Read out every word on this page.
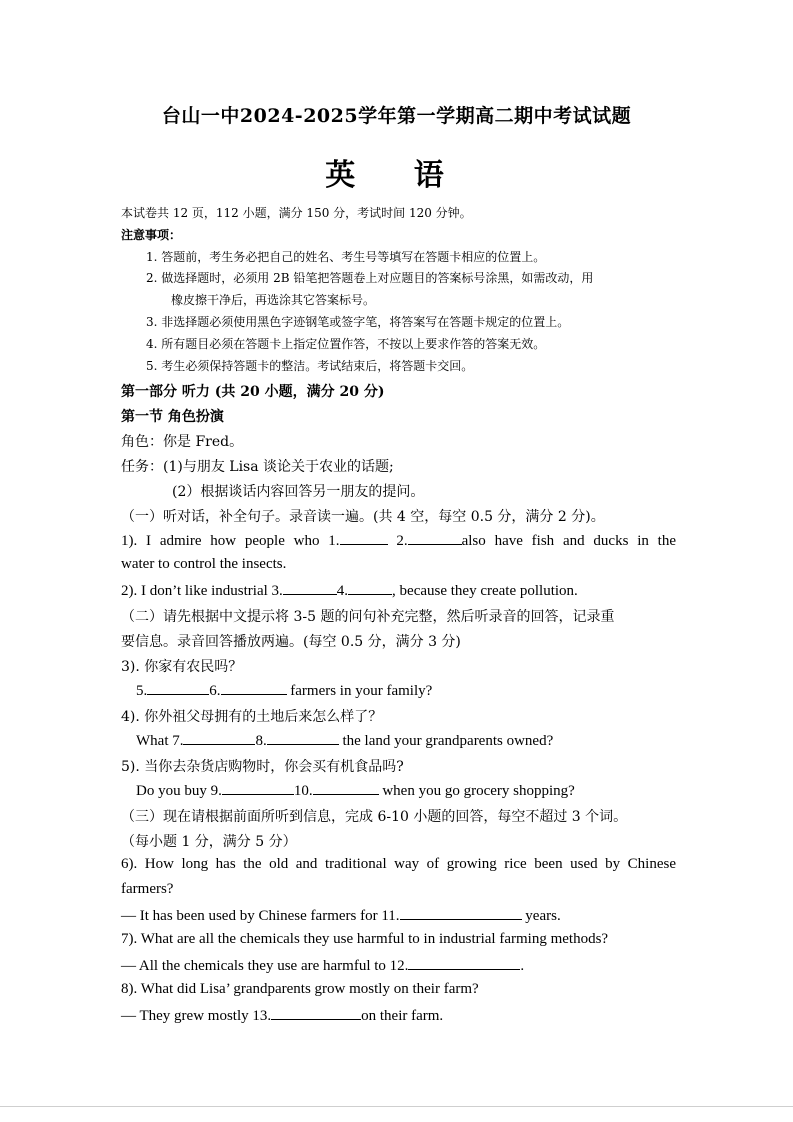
台山一中2024-2025学年第一学期高二期中考试试题
英 语
本试卷共 12 页，112 小题，满分 150 分，考试时间 120 分钟。
注意事项：
1. 答题前，考生务必把自己的姓名、考生号等填写在答题卡相应的位置上。
2. 做选择题时，必须用 2B 铅笔把答题卷上对应题目的答案标号涂黑，如需改动，用
橡皮擦干净后，再选涂其它答案标号。
3. 非选择题必须使用黑色字迹钢笔或签字笔，将答案写在答题卡规定的位置上。
4. 所有题目必须在答题卡上指定位置作答，不按以上要求作答的答案无效。
5. 考生必须保持答题卡的整洁。考试结束后，将答题卡交回。
第一部分 听力 (共 20 小题，满分 20 分)
第一节 角色扮演
角色：你是 Fred。
任务：(1)与朋友 Lisa 谈论关于农业的话题;
(2）根据谈话内容回答另一朋友的提问。
（一）听对话，补全句子。录音读一遍。(共 4 空，每空 0.5 分，满分 2 分)。
1). I admire how people who 1.	2.	also have fish and ducks in the
water to control the insects.
2). I don’t like industrial 3.	4.	, because they create pollution.
（二）请先根据中文提示将 3-5 题的问句补充完整，然后听录音的回答，记录重
要信息。录音回答播放两遍。(每空 0.5 分，满分 3 分)
3). 你家有农民吗？
5.	6.	farmers in your family?
4). 你外祖父母拥有的土地后来怎么样了？
What 7.	8.	the land your grandparents owned?
5). 当你去杂货店购物时，你会买有机食品吗?
Do you buy 9.	10.	when you go grocery shopping?
（三）现在请根据前面所听到信息，完成 6-10 小题的回答，每空不超过 3 个词。
（每小题 1 分，满分 5 分）
6). How long has the old and traditional way of growing rice been used by Chinese
farmers?
— It has been used by Chinese farmers for 11.	years.
7). What are all the chemicals they use harmful to in industrial farming methods?
— All the chemicals they use are harmful to 12.	.
8). What did Lisa’ grandparents grow mostly on their farm?
— They grew mostly 13.	on their farm.
